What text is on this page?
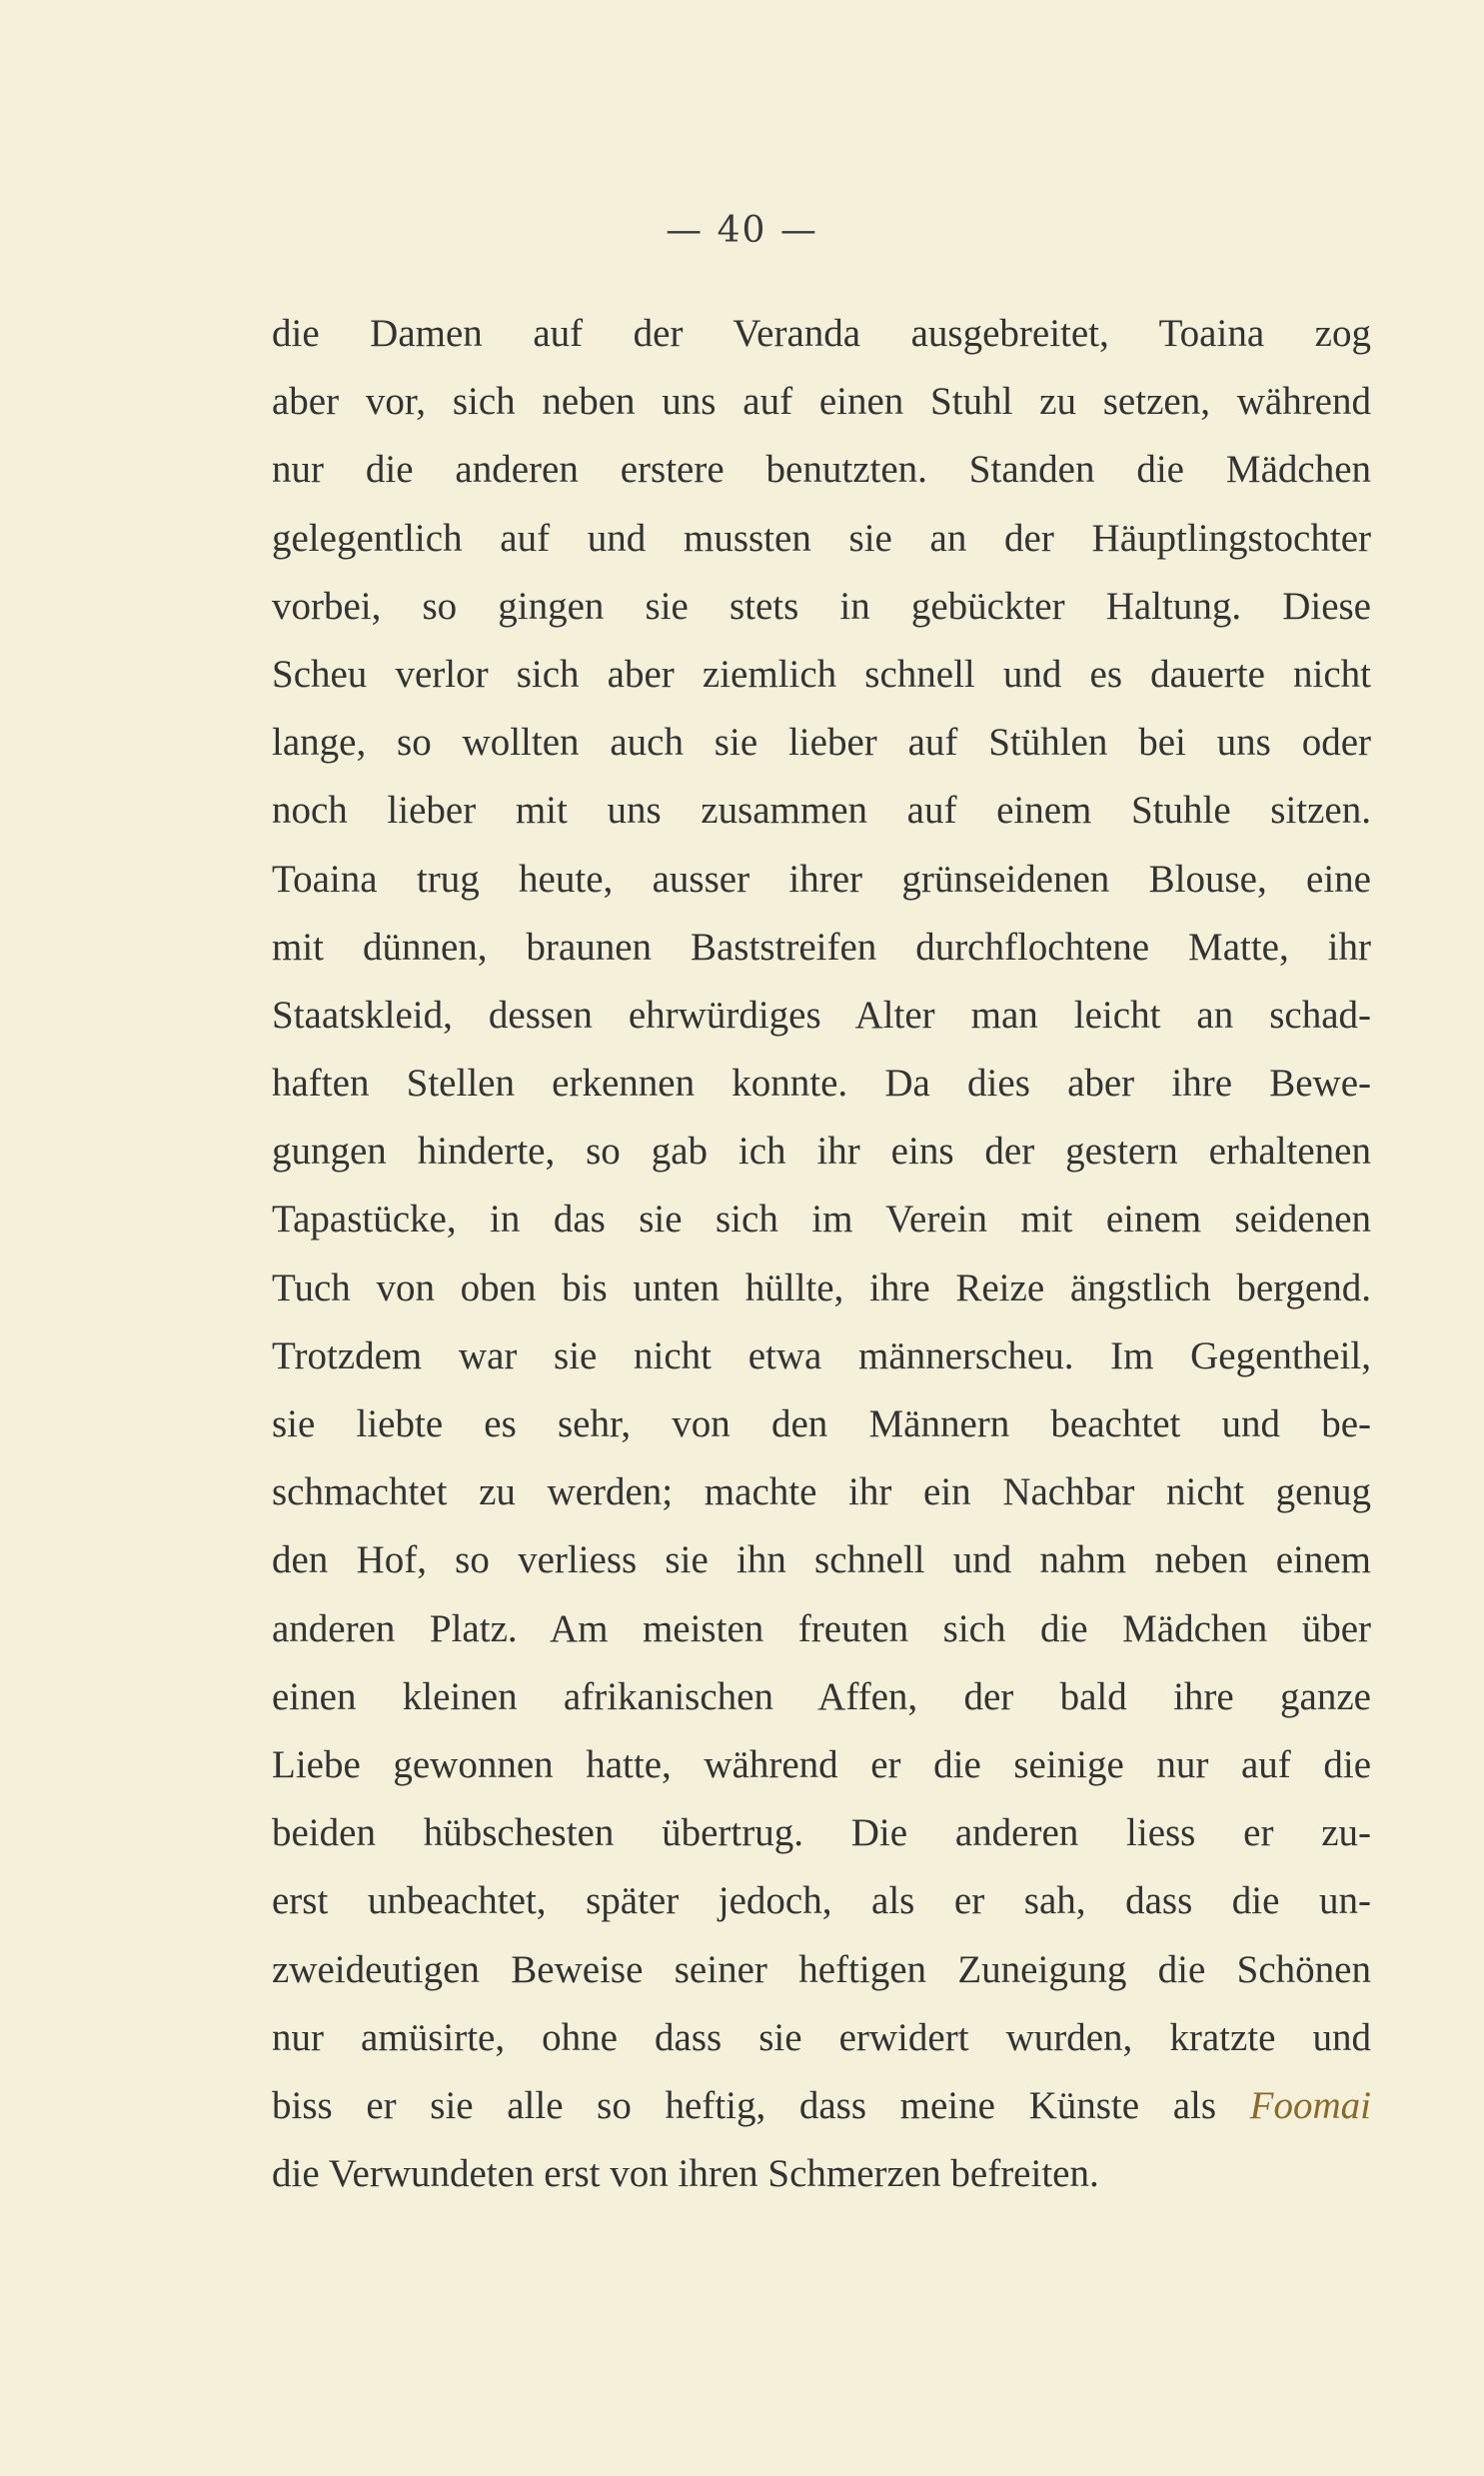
— 40 —
die Damen auf der Veranda ausgebreitet, Toaina zog
aber vor, sich neben uns auf einen Stuhl zu setzen, während
nur die anderen erstere benutzten. Standen die Mädchen
gelegentlich auf und mussten sie an der Häuptlingstochter
vorbei, so gingen sie stets in gebückter Haltung. Diese
Scheu verlor sich aber ziemlich schnell und es dauerte nicht
lange, so wollten auch sie lieber auf Stühlen bei uns oder
noch lieber mit uns zusammen auf einem Stuhle sitzen.
Toaina trug heute, ausser ihrer grünseidenen Blouse, eine
mit dünnen, braunen Baststreifen durchflochtene Matte, ihr
Staatskleid, dessen ehrwürdiges Alter man leicht an schad-
haften Stellen erkennen konnte. Da dies aber ihre Bewe-
gungen hinderte, so gab ich ihr eins der gestern erhaltenen
Tapastücke, in das sie sich im Verein mit einem seidenen
Tuch von oben bis unten hüllte, ihre Reize ängstlich bergend.
Trotzdem war sie nicht etwa männerscheu. Im Gegentheil,
sie liebte es sehr, von den Männern beachtet und be-
schmachtet zu werden; machte ihr ein Nachbar nicht genug
den Hof, so verliess sie ihn schnell und nahm neben einem
anderen Platz. Am meisten freuten sich die Mädchen über
einen kleinen afrikanischen Affen, der bald ihre ganze
Liebe gewonnen hatte, während er die seinige nur auf die
beiden hübschesten übertrug. Die anderen liess er zu-
erst unbeachtet, später jedoch, als er sah, dass die un-
zweideutigen Beweise seiner heftigen Zuneigung die Schönen
nur amüsirte, ohne dass sie erwidert wurden, kratzte und
biss er sie alle so heftig, dass meine Künste als Foomai
die Verwundeten erst von ihren Schmerzen befreiten.
